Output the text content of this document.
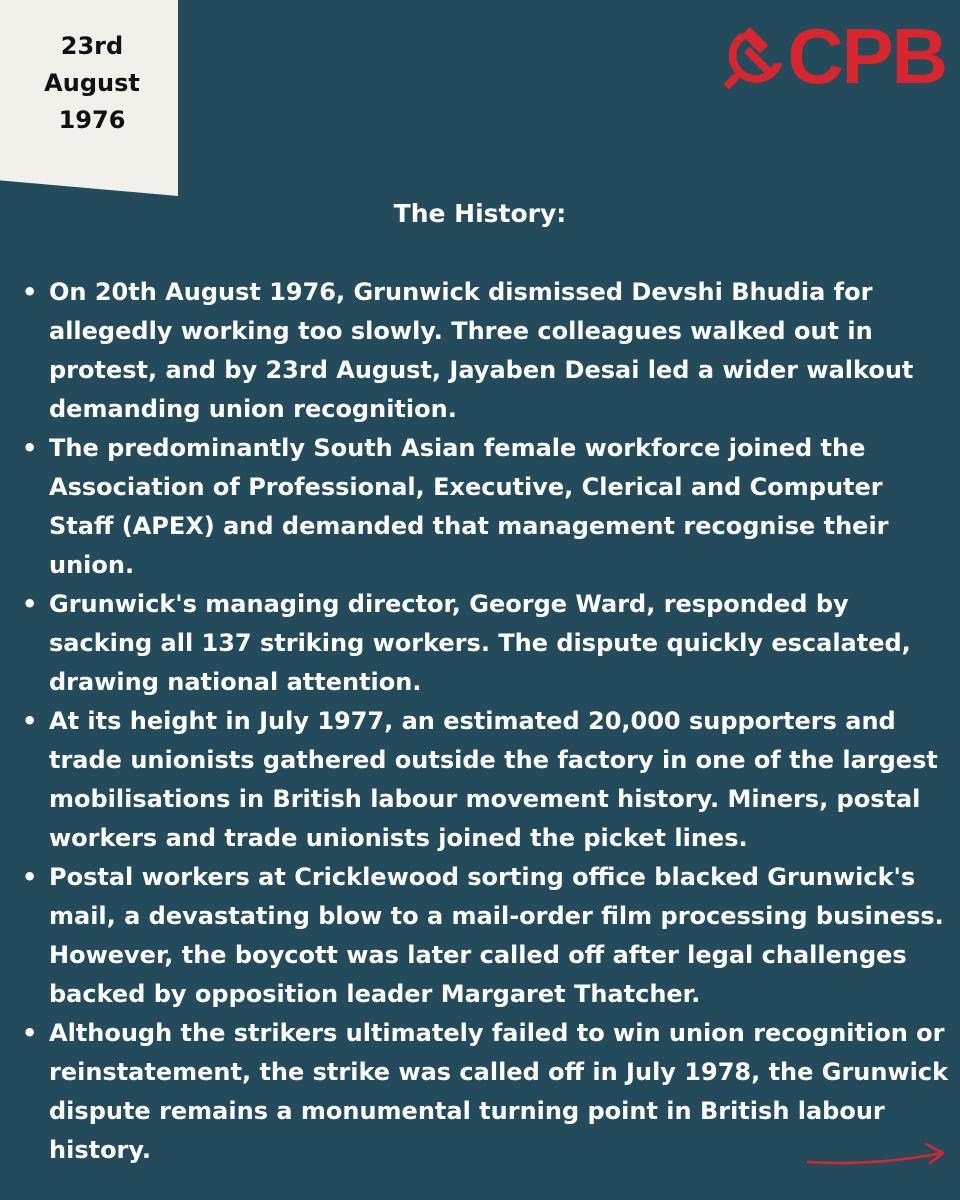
23rd
August
1976
CPB
The History:
• On 20th August 1976, Grunwick dismissed Devshi Bhudia for allegedly working too slowly. Three colleagues walked out in protest, and by 23rd August, Jayaben Desai led a wider walkout demanding union recognition.
• The predominantly South Asian female workforce joined the Association of Professional, Executive, Clerical and Computer Staff (APEX) and demanded that management recognise their union.
• Grunwick's managing director, George Ward, responded by sacking all 137 striking workers. The dispute quickly escalated, drawing national attention.
• At its height in July 1977, an estimated 20,000 supporters and trade unionists gathered outside the factory in one of the largest mobilisations in British labour movement history. Miners, postal workers and trade unionists joined the picket lines.
• Postal workers at Cricklewood sorting office blacked Grunwick's mail, a devastating blow to a mail-order film processing business. However, the boycott was later called off after legal challenges backed by opposition leader Margaret Thatcher.
• Although the strikers ultimately failed to win union recognition or reinstatement, the strike was called off in July 1978, the Grunwick dispute remains a monumental turning point in British labour history.
